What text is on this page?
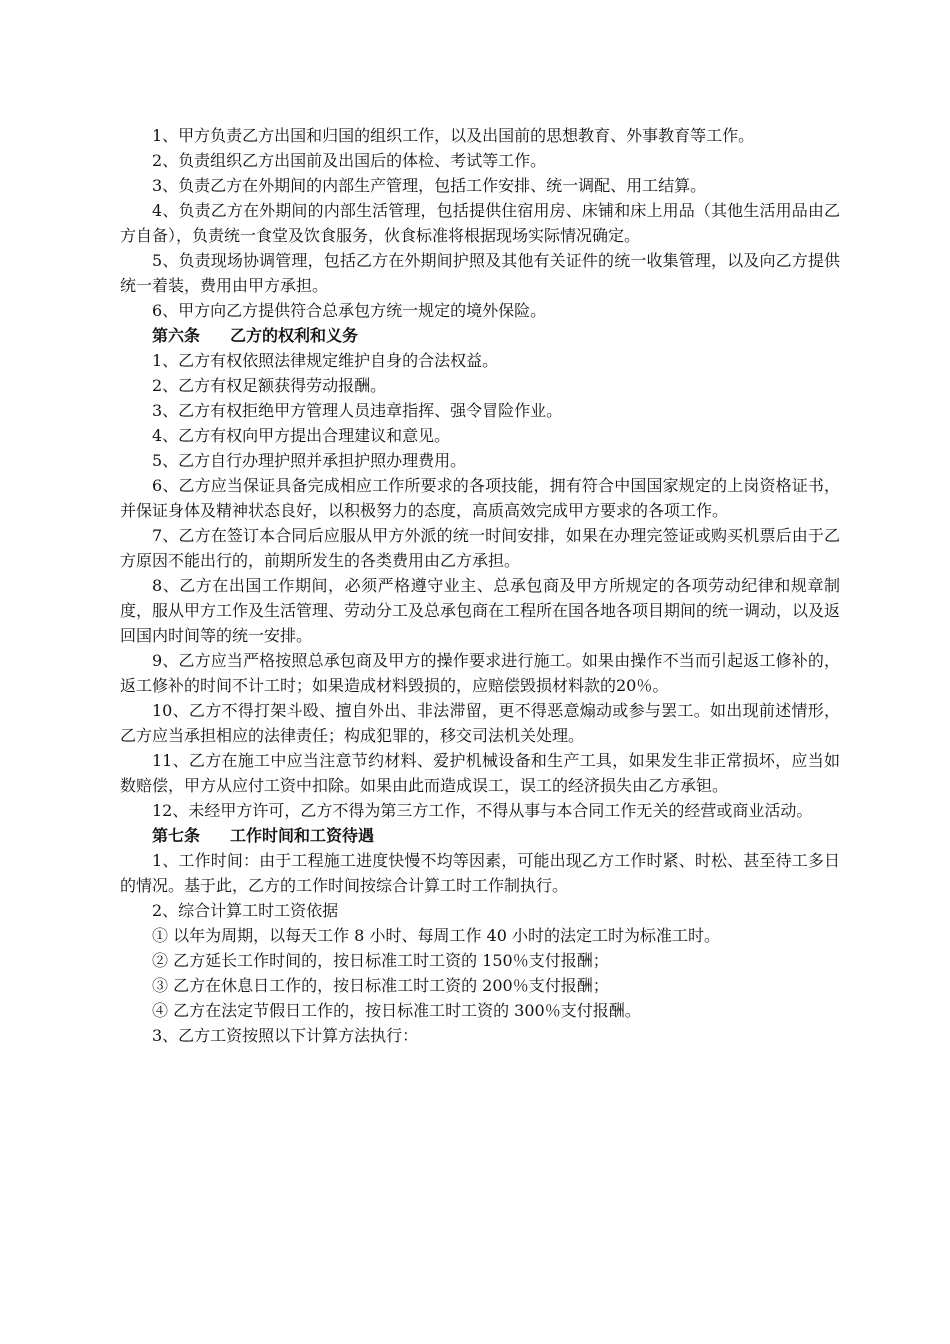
1、甲方负责乙方出国和归国的组织工作，以及出国前的思想教育、外事教育等工作。

2、负责组织乙方出国前及出国后的体检、考试等工作。

3、负责乙方在外期间的内部生产管理，包括工作安排、统一调配、用工结算。

4、负责乙方在外期间的内部生活管理，包括提供住宿用房、床铺和床上用品（其他生活用品由乙方自备），负责统一食堂及饮食服务，伙食标准将根据现场实际情况确定。

5、负责现场协调管理，包括乙方在外期间护照及其他有关证件的统一收集管理，以及向乙方提供统一着装，费用由甲方承担。

6、甲方向乙方提供符合总承包方统一规定的境外保险。

第六条 乙方的权利和义务

1、乙方有权依照法律规定维护自身的合法权益。

2、乙方有权足额获得劳动报酬。

3、乙方有权拒绝甲方管理人员违章指挥、强令冒险作业。

4、乙方有权向甲方提出合理建议和意见。

5、乙方自行办理护照并承担护照办理费用。

6、乙方应当保证具备完成相应工作所要求的各项技能，拥有符合中国国家规定的上岗资格证书，并保证身体及精神状态良好，以积极努力的态度，高质高效完成甲方要求的各项工作。

7、乙方在签订本合同后应服从甲方外派的统一时间安排，如果在办理完签证或购买机票后由于乙方原因不能出行的，前期所发生的各类费用由乙方承担。

8、乙方在出国工作期间，必须严格遵守业主、总承包商及甲方所规定的各项劳动纪律和规章制度，服从甲方工作及生活管理、劳动分工及总承包商在工程所在国各地各项目期间的统一调动，以及返回国内时间等的统一安排。

9、乙方应当严格按照总承包商及甲方的操作要求进行施工。如果由操作不当而引起返工修补的，返工修补的时间不计工时；如果造成材料毁损的，应赔偿毁损材料款的20％。

10、乙方不得打架斗殴、擅自外出、非法滞留，更不得恶意煽动或参与罢工。如出现前述情形，乙方应当承担相应的法律责任；构成犯罪的，移交司法机关处理。

11、乙方在施工中应当注意节约材料、爱护机械设备和生产工具，如果发生非正常损坏，应当如数赔偿，甲方从应付工资中扣除。如果由此而造成误工，误工的经济损失由乙方承钽。

12、未经甲方许可，乙方不得为第三方工作，不得从事与本合同工作无关的经营或商业活动。

第七条 工作时间和工资待遇

1、工作时间：由于工程施工进度快慢不均等因素，可能出现乙方工作时紧、时松、甚至待工多日的情况。基于此，乙方的工作时间按综合计算工时工作制执行。

2、综合计算工时工资依据

① 以年为周期，以每天工作 8 小时、每周工作 40 小时的法定工时为标准工时。

② 乙方延长工作时间的，按日标准工时工资的 150％支付报酬；

③ 乙方在休息日工作的，按日标准工时工资的 200％支付报酬；

④ 乙方在法定节假日工作的，按日标准工时工资的 300％支付报酬。

3、乙方工资按照以下计算方法执行：
